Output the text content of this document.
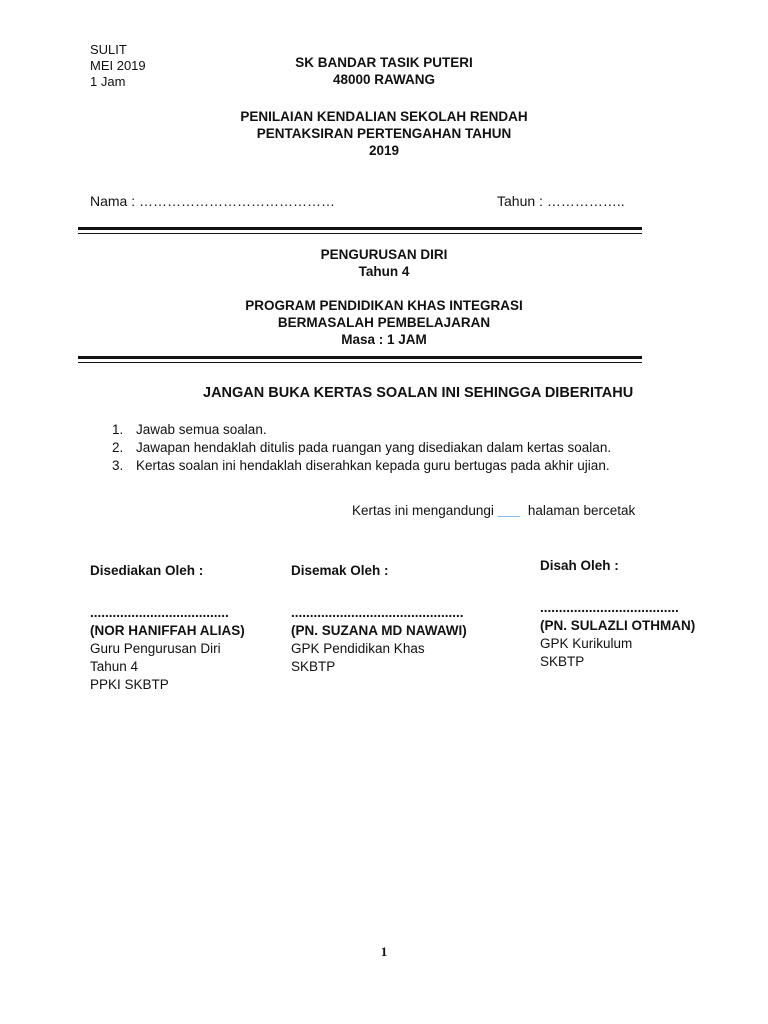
SULIT
MEI 2019
1 Jam
SK BANDAR TASIK PUTERI
48000 RAWANG
PENILAIAN KENDALIAN SEKOLAH RENDAH
PENTAKSIRAN PERTENGAHAN TAHUN
2019
Nama : ……………………………………	Tahun : ……………..
PENGURUSAN DIRI
Tahun 4
PROGRAM PENDIDIKAN KHAS INTEGRASI
BERMASALAH PEMBELAJARAN
Masa : 1 JAM
JANGAN BUKA KERTAS SOALAN INI SEHINGGA DIBERITAHU
1. Jawab semua soalan.
2. Jawapan hendaklah ditulis pada ruangan yang disediakan dalam kertas soalan.
3. Kertas soalan ini hendaklah diserahkan kepada guru bertugas pada akhir ujian.
Kertas ini mengandungi ___ halaman bercetak
Disediakan Oleh :
.....................................
(NOR HANIFFAH ALIAS)
Guru Pengurusan Diri
Tahun 4
PPKI SKBTP
Disemak Oleh :
..............................................
(PN. SUZANA MD NAWAWI)
GPK Pendidikan Khas
SKBTP
Disah Oleh :
.....................................
(PN. SULAZLI OTHMAN)
GPK Kurikulum
SKBTP
1
